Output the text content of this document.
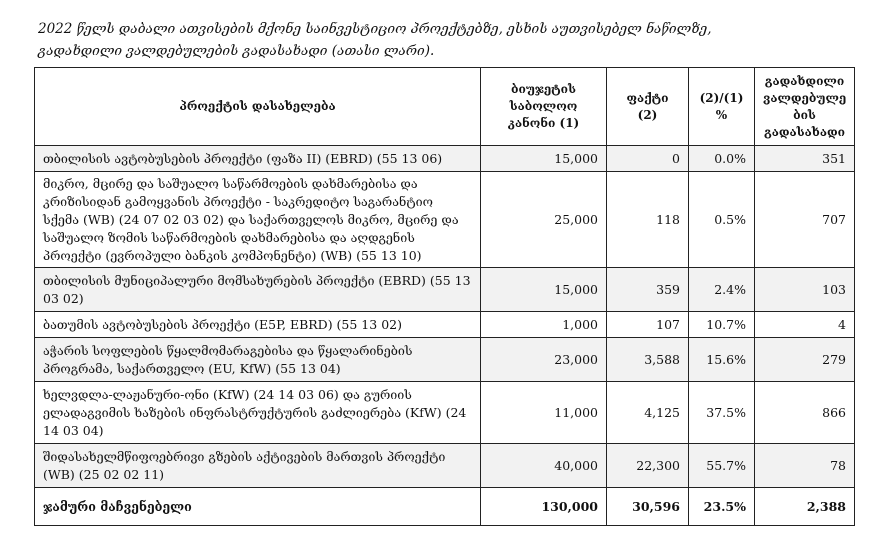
2022 წელს დაბალი ათვისების მქონე საინვესტიციო პროექტებზე, ესხის აუთვისებელ ნაწილზე,
გადახდილი ვალდებულების გადასახადი (ათასი ლარი).
პროექტის დასახელება	ბიუჯეტის საბოლოო კანონი (1)	ფაქტი (2)	(2)/(1) %	გადახდილი ვალდებულე ბის გადასახადი
თბილისის ავტობუსების პროექტი (ფაზა II) (EBRD) (55 13 06)	15,000	0	0.0%	351
მიკრო, მცირე და საშუალო საწარმოების დახმარებისა და კრიზისიდან გამოყვანის პროექტი - საკრედიტო საგარანტიო სქემა (WB) (24 07 02 03 02) და საქართველოს მიკრო, მცირე და საშუალო ზომის საწარმოების დახმარებისა და აღდგენის პროექტი (ევროპული ბანკის კომპონენტი) (WB) (55 13 10)	25,000	118	0.5%	707
თბილისის მუნიციპალური მომსახურების პროექტი (EBRD) (55 13 03 02)	15,000	359	2.4%	103
ბათუმის ავტობუსების პროექტი (E5P, EBRD) (55 13 02)	1,000	107	10.7%	4
აჭარის სოფლების წყალმომარაგებისა და წყალარინების პროგრამა, საქართველო (EU, KfW) (55 13 04)	23,000	3,588	15.6%	279
ხელვდლა-ლაჟანური-ონი (KfW) (24 14 03 06) და გურიის ელადაგვიმის ხაზების ინფრასტრუქტურის გაძლიერება (KfW) (24 14 03 04)	11,000	4,125	37.5%	866
შიდასახელმწიფოებრივი გზების აქტივების მართვის პროექტი (WB) (25 02 02 11)	40,000	22,300	55.7%	78
ჯამური მაჩვენებელი	130,000	30,596	23.5%	2,388
